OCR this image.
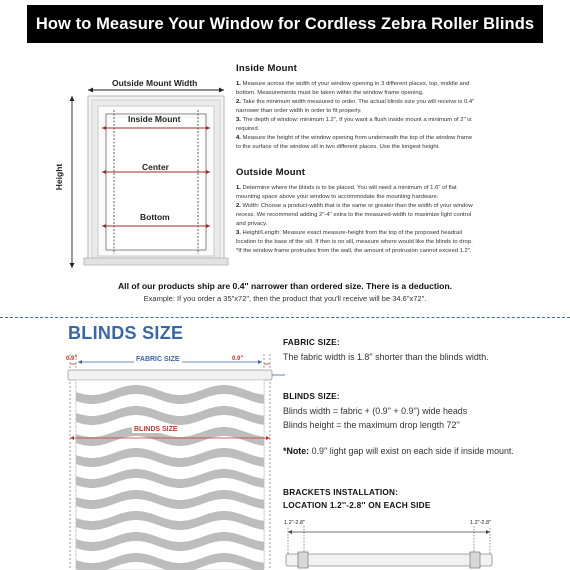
How to Measure Your Window for Cordless Zebra Roller Blinds
Outside Mount Width
Height
Inside Mount
Center
Bottom
Inside Mount

1. Measure across the width of your window opening in 3 different places, top, middle and bottom. Measurements must be taken within the window frame opening.
2. Take the minimum width measured to order. The actual blinds size you will receive is 0.4" narrower than order width in order to fit properly.
3. The depth of window: minimum 1.2", If you want a flush inside mount a minimum of 2" is required.
4. Measure the height of the window opening from underneath the top of the window frame to the surface of the window sill in two different places. Use the longest height.

Outside Mount

1. Determine where the blinds is to be placed. You will need a minimum of 1.6" of flat mounting space above your window to accommodate the mounting hardware.
2. Width: Choose a product-width that is the same or greater than the width of your window recess. We recommend adding 2"-4" extra to the measured-width to maximize light control and privacy.
3. Height/Length: Measure exact measure-height from the top of the proposed headrail location to the base of the sill. If ther is no sill, measure where would like the blinds to drop.
*If the window frame protrudes from the wall, the amount of protrusion cannot exceed 1.2".

All of our products ship are 0.4'' narrower than ordered size. There is a deduction.
Example: If you order a 35"x72", then the product that you'll receive will be 34.6"x72".
BLINDS SIZE
FABRIC SIZE
BLINDS SIZE
0.9"	0.9"
FABRIC SIZE:

The fabric width is 1.8'' shorter than the blinds width.

BLINDS SIZE:

Blinds width = fabric + (0.9'' + 0.9'') wide heads

Blinds height = the maximum drop length 72''

*Note: 0.9'' light gap will exist on each side if inside mount.

BRACKETS INSTALLATION:
LOCATION 1.2''-2.8'' ON EACH SIDE
1.2"-2.8"	1.2"-2.8"
